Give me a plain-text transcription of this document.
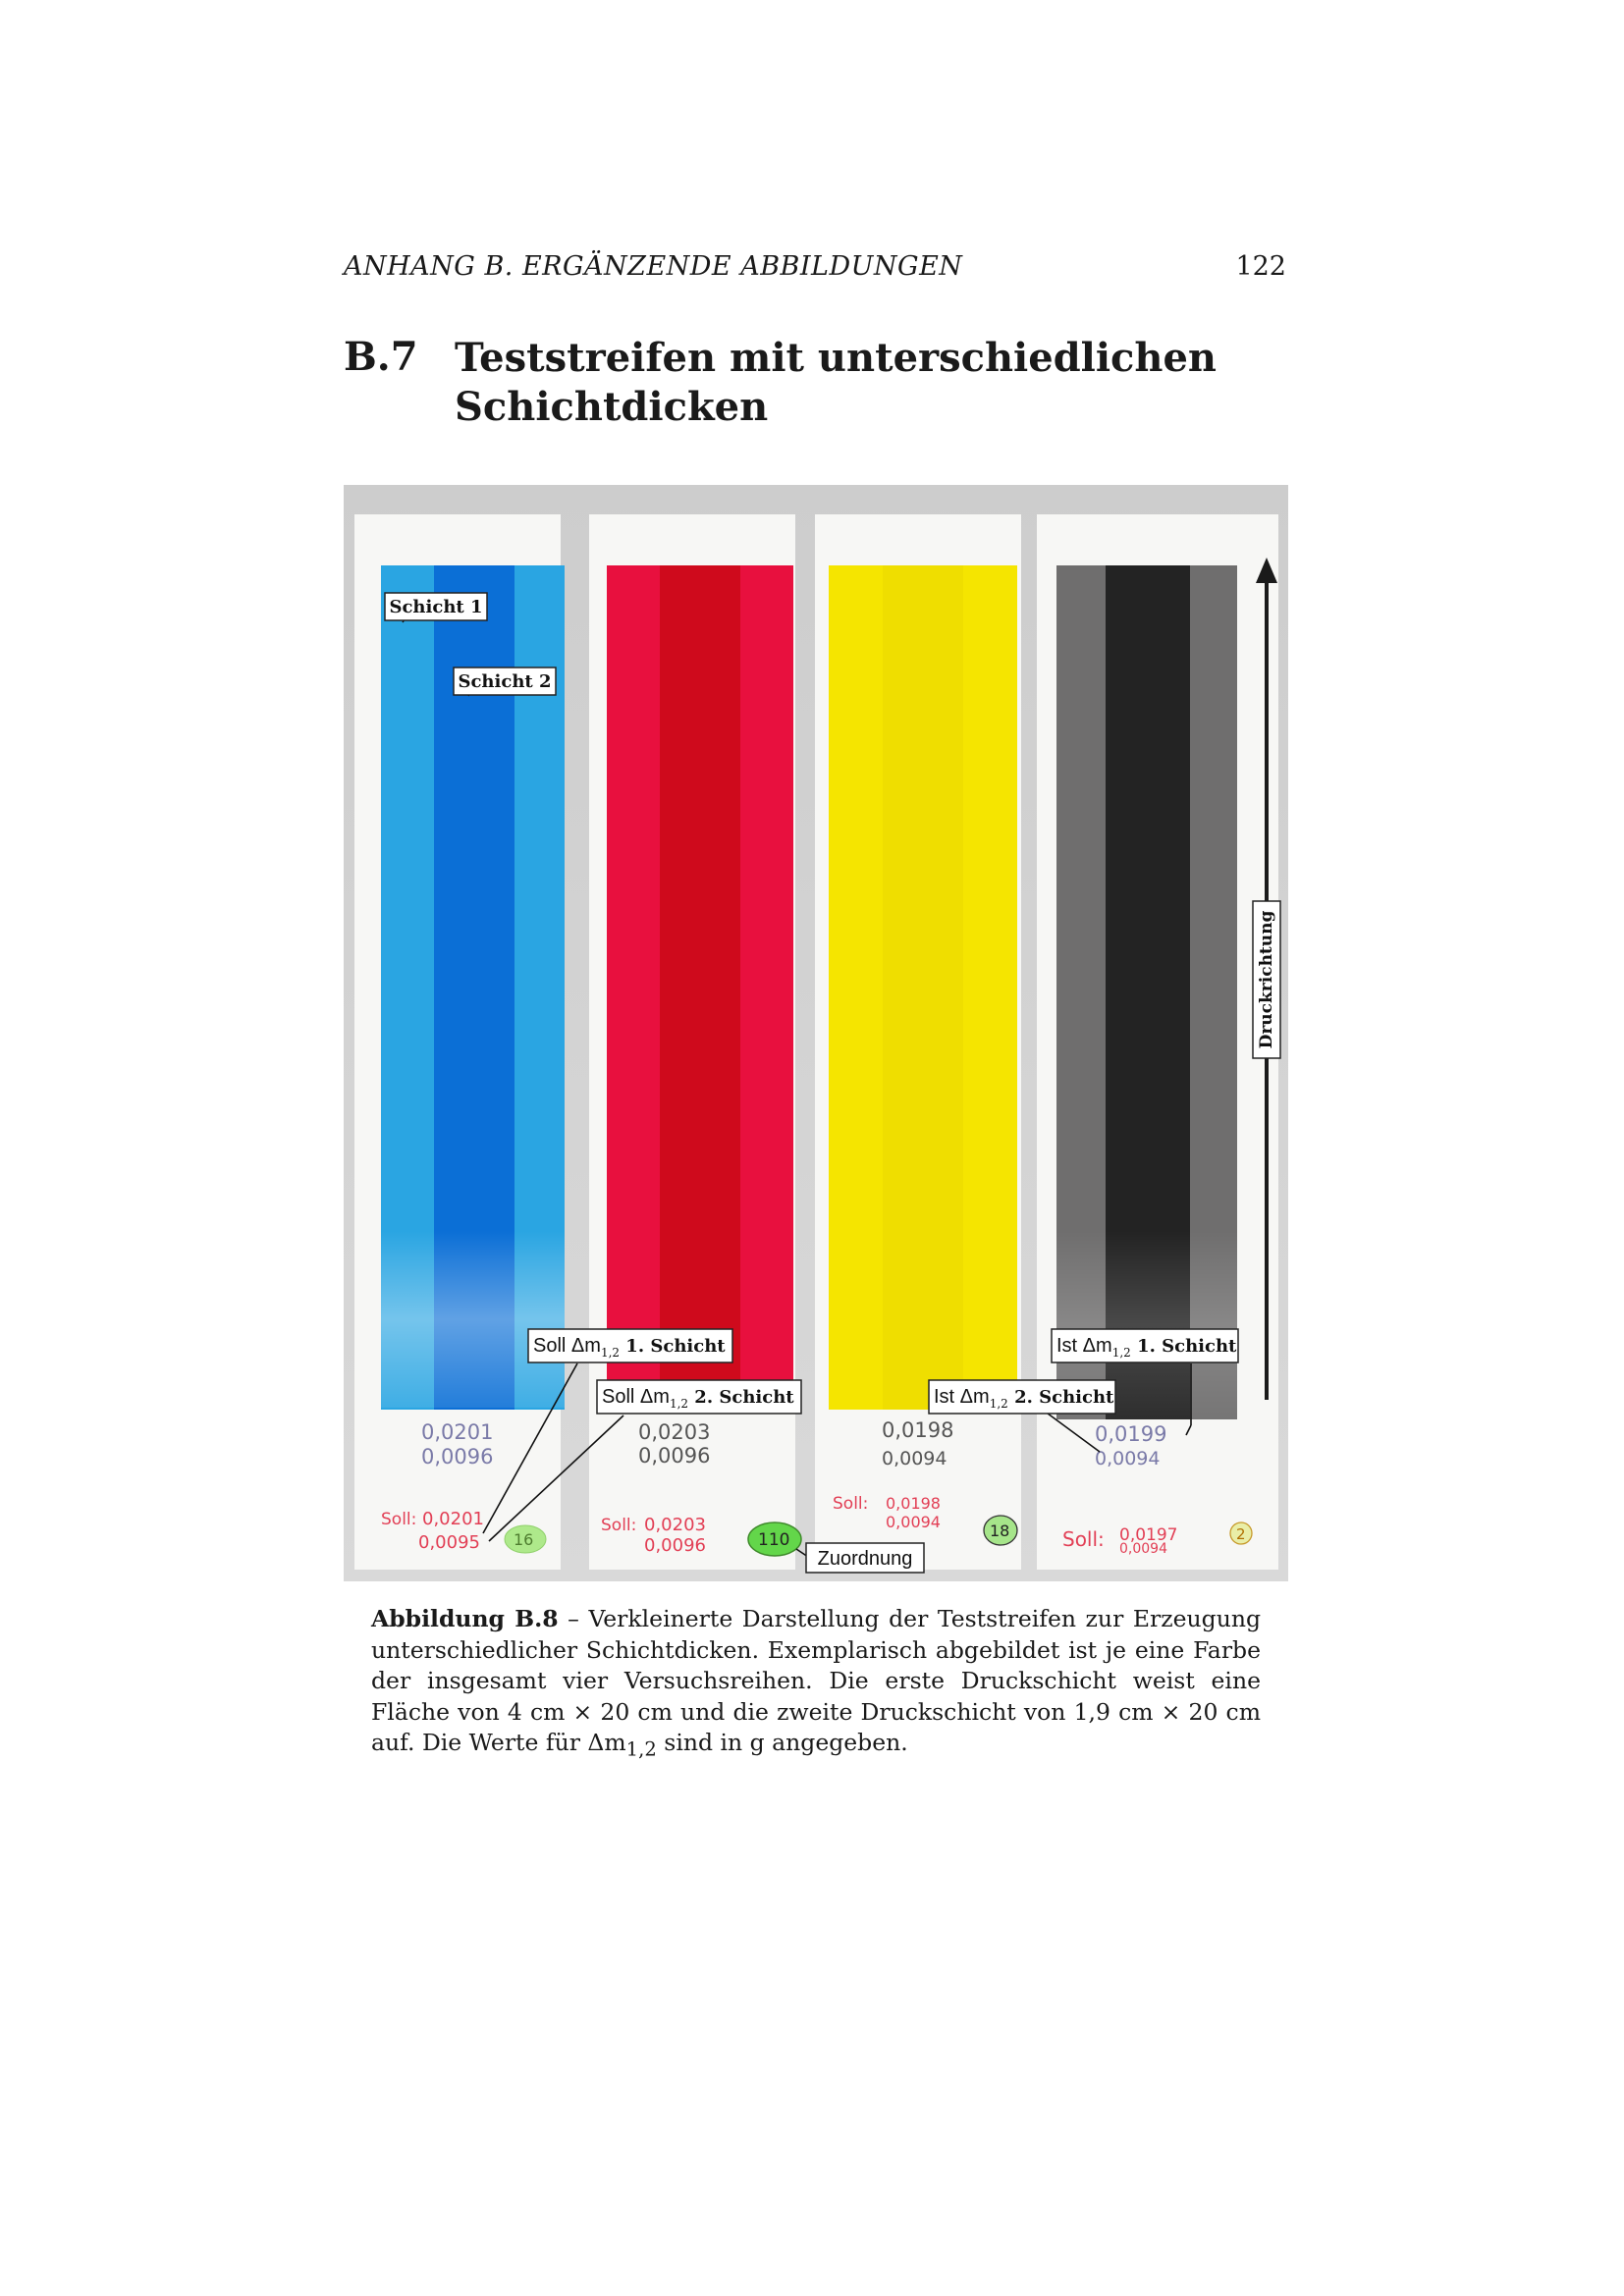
ANHANG B. ERGÄNZENDE ABBILDUNGEN	122
B.7 Teststreifen mit unterschiedlichen Schichtdicken
0,0201
0,0096
Soll: 0,0201
0,0095 16
0,0203
0,0096
Soll: 0,0203
0,0096	110
0,0198
0,0094
Soll: 0,0198
0,0094	18
0,0199
0,0094
Soll: 0,0197
0,0094
2
Druckrichtung
Schicht 1
Schicht 2
Soll $\Delta m_{1,2}$ 1. Schicht
Soll $\Delta m_{1,2}$ 2. Schicht
Ist $\Delta m_{1,2}$ 1. Schicht
Ist $\Delta m_{1,2}$ 2. Schicht
Zuordnung
Abbildung B.8 – Verkleinerte Darstellung der Teststreifen zur Erzeugung unterschiedlicher Schichtdicken. Exemplarisch abgebildet ist je eine Farbe der insgesamt vier Versuchsreihen. Die erste Druckschicht weist eine Fläche von 4 cm × 20 cm und die zweite Druckschicht von 1,9 cm × 20 cm auf. Die Werte für $\Delta m_{1,2}$ sind in g angegeben.
